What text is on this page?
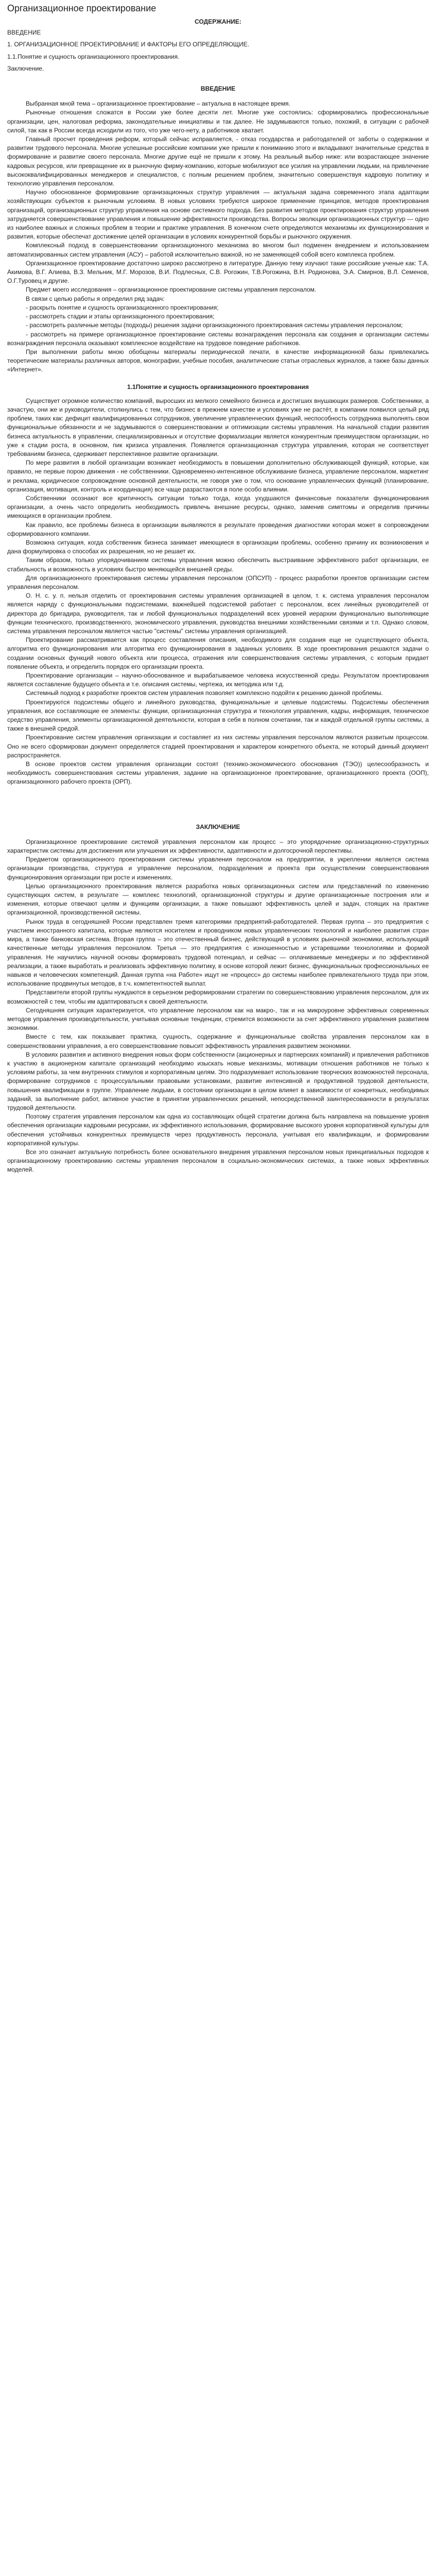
Организационное проектирование
СОДЕРЖАНИЕ:
ВВЕДЕНИЕ
1. ОРГАНИЗАЦИОННОЕ ПРОЕКТИРОВАНИЕ И ФАКТОРЫ ЕГО ОПРЕДЕЛЯЮЩИЕ.
1.1.Понятие и сущность организационного проектирования.
Заключение.
ВВЕДЕНИЕ

Выбранная мной тема – организационное проектирование – актуальна в настоящее время.

Рыночные отношения сложатся в России уже более десяти лет. Многие уже состоялись: сформировались профессиональные организации, цен, налоговая реформа, законодательные инициативы и так далее. Не задумываются только, похожий, в ситуации с рабочей силой, так как в России всегда исходили из того, что уже чего-нету, а работников хватает.

Главный просчет проведения реформ, который сейчас исправляется, - отказ государства и работодателей от заботы о содержании и развитии трудового персонала. Многие успешные российские компании уже пришли к пониманию этого и вкладывают значительные средства в формирование и развитие своего персонала. Многие другие ещё не пришли к этому. На реальный выбор ниже: или возрастающее значение кадровых ресурсов, или превращение их в рыночную фирму-компанию, которые мобилизуют все усилия на управлении людьми, на привлечение высококвалифицированных менеджеров и специалистов, с полным решением проблем, значительно совершенствуя кадровую политику и технологию управления персоналом.

Научно обоснованное формирование организационных структур управления — актуальная задача современного этапа адаптации хозяйствующих субъектов к рыночным условиям. В новых условиях требуются широкое применение принципов, методов проектирования организаций, организационных структур управления на основе системного подхода. Без развития методов проектирования структур управления затрудняется совершенствование управления и повышение эффективности производства. Вопросы эволюции организационных структур — одно из наиболее важных и сложных проблем в теории и практике управления. В конечном счете определяются механизмы их функционирования и развития, которые обеспечат достижение целей организации в условиях конкурентной борьбы и рыночного окружения.

Комплексный подход в совершенствовании организационного механизма во многом был подменен внедрением и использованием автоматизированных систем управления (АСУ) – работой исключительно важной, но не заменяющей собой всего комплекса проблем.

Организационное проектирование достаточно широко рассмотрено в литературе. Данную тему изучают такие российские ученые как: Т.А. Акимова, В.Г. Алиева, В.З. Мельник, М.Г. Морозов, В.И. Подлесных, С.В. Рогожин, Т.В.Рогожина, В.Н. Родионова, Э.А. Смирнов, В.Л. Семенов, О.Г.Туровец и другие.

Предмет моего исследования – организационное проектирование системы управления персоналом.

В связи с целью работы я определил ряд задач:

- раскрыть понятие и сущность организационного проектирования;

- рассмотреть стадии и этапы организационного проектирования;

- рассмотреть различные методы (подходы) решения задачи организационного проектирования системы управления персоналом;

- рассмотреть на примере организационное проектирование системы вознаграждения персонала как создания и организации системы вознаграждения персонала оказывают комплексное воздействие на трудовое поведение работников.

При выполнении работы мною обобщены материалы периодической печати, в качестве информационной базы привлекались теоретические материалы различных авторов, монографии, учебные пособия, аналитические статьи отраслевых журналов, а также базы данных «Интернет».

1.1Понятие и сущность организационного проектирования

Существует огромное количество компаний, выросших из мелкого семейного бизнеса и достигших внушающих размеров. Собственники, а зачастую, они же и руководители, столкнулись с тем, что бизнес в прежнем качестве и условиях уже не растёт, в компании появился целый ряд проблем, таких как: дефицит квалифицированных сотрудников, увеличение управленческих функций, неспособность сотрудника выполнять свои функциональные обязанности и не задумываются о совершенствовании и оптимизации системы управления. На начальной стадии развития бизнеса актуальность в управлении, специализированных и отсутствие формализации является конкурентным преимуществом организации, но уже к стадии роста, в основном, пик кризиса управления. Появляется организационная структура управления, которая не соответствует требованиям бизнеса, сдерживает перспективное развитие организации.

По мере развития в любой организации возникает необходимость в повышении дополнительно обслуживающей функций, которые, как правило, не первые порою движения - не собственники. Одновременно-интенсивное обслуживание бизнеса, управление персоналом, маркетинг и реклама, юридическое сопровождение основной деятельности, не говоря уже о том, что основание управленческих функций (планирование, организация, мотивация, контроль и координация) все чаще разрастаются в поле особо влиянии.

Собственники осознают все критичность ситуации только тогда, когда ухудшаются финансовые показатели функционирования организации, а очень часто определить необходимость привлечь внешние ресурсы, однако, заменив симптомы и определив причины имеющихся в организации проблем.

Как правило, все проблемы бизнеса в организации выявляются в результате проведения диагностики которая может в сопровождении сформированного компании.

Возможна ситуация, когда собственник бизнеса занимает имеющиеся в организации проблемы, особенно причину их возникновения и дана формулировка о способах их разрешения, но не решает их.

Таким образом, только упорядочиванием системы управления можно обеспечить выстраивание эффективного работ организации, ее стабильность и возможность в условиях быстро меняющейся внешней среды.

Для организационного проектирования системы управления персоналом (ОПСУП) - процесс разработки проектов организации систем управления персоналом.

О. Н. с. у. п. нельзя отделить от проектирования системы управления организацией в целом, т. к. система управления персоналом является наряду с функциональными подсистемами, важнейшей подсистемой работает с персоналом, всех линейных руководителей от директора до бригадира, руководителя, так и любой функциональных подразделений всех уровней иерархии функционально выполняющие функции технического, производственного, экономического управления, руководства внешними хозяйственными связями и т.п. Однако словом, система управления персоналом является частью "системы" системы управления организацией.

Проектирование рассматривается как процесс составления описания, необходимого для создания еще не существующего объекта, алгоритма его функционирования или алгоритма его функционирования в заданных условиях. В ходе проектирования решаются задачи о создании основных функций нового объекта или процесса, отражения или совершенствования системы управления, с которым придает появление объекта, и определить порядок его организации проекта.

Проектирование организации – научно-обоснованное и вырабатываемое человека искусственной среды. Результатом проектирования является составление будущего объекта и т.е. описания системы, чертежа, их методика или т.д.

Системный подход к разработке проектов систем управления позволяет комплексно подойти к решению данной проблемы.

Проектируются подсистемы общего и линейного руководства, функциональные и целевые подсистемы. Подсистемы обеспечения управления, все составляющие ее элементы: функции, организационная структура и технология управления, кадры, информация, техническое средство управления, элементы организационной деятельности, которая в себя в полном сочетании, так и каждой отдельной группы системы, а также в внешней средой.

Проектирование систем управления организации и составляет из них системы управления персоналом являются развитым процессом. Оно не всего сформирован документ определяется стадией проектирования и характером конкретного объекта, не который данный документ распространяется.

В основе проектов систем управления организации состоят (технико-экономического обоснования (ТЭО)) целесообразность и необходимость совершенствования системы управления, задание на организационное проектирование, организационного проекта (ООП), организационного рабочего проекта (ОРП).

ЗАКЛЮЧЕНИЕ

Организационное проектирование системой управления персоналом как процесс – это упорядочение организационно-структурных характеристик системы для достижения или улучшения их эффективности, адаптивности и долгосрочной перспективы.

Предметом организационного проектирования системы управления персоналом на предприятии, в укреплении является система организации производства, структура и управление персоналом, подразделения и проекта при осуществлении совершенствования функционирования организации при росте и изменениях.

Целью организационного проектирования является разработка новых организационных систем или представлений по изменению существующих систем, в результате — комплекс технологий, организационной структуры и другие организационные построения или и изменения, которые отвечают целям и функциям организации, а также повышают эффективность целей и задач, стоящих на практике организационной, производственной системы.

Рынок труда в сегодняшней России представлен тремя категориями предприятий-работодателей. Первая группа – это предприятия с участием иностранного капитала, которые являются носителем и проводником новых управленческих технологий и наиболее развития стран мира, а также банковская система. Вторая группа – это отечественный бизнес, действующий в условиях рыночной экономики, использующий качественные методы управления персоналом. Третья — это предприятия с изношенностью и устаревшими технологиями и формой управления. Не научились научной основы формировать трудовой потенциал, и сейчас — оплачиваемые менеджеры и по эффективной реализации, а также выработать и реализовать эффективную политику, в основе которой лежит бизнес, функциональных профессиональных ее навыков и человеческих компетенций. Данная группа «на Работе» ищут не «процесс» до системы наиболее привлекательного труда при этом, использование продвинутых методов, в т.ч. компетентностей выплат.

Представители второй группы нуждаются в серьезном реформировании стратегии по совершенствованию управления персоналом, для их возможностей с тем, чтобы им адаптироваться к своей деятельности.

Сегодняшняя ситуация характеризуется, что управление персоналом как на макро-, так и на микроуровне эффективных современных методов управления производительности, учитывая основные тенденции, стремится возможности за счет эффективного управления развитием экономики.

Вместе с тем, как показывает практика, сущность, содержание и функциональные свойства управления персоналом как в совершенствовании управления, а его совершенствование повысит эффективность управления развитием экономики.

В условиях развития и активного внедрения новых форм собственности (акционерных и партнерских компаний) и привлечения работников к участию в акционерном капитале организаций необходимо изыскать новые механизмы, мотивации отношения работников не только к условиям работы, за чем внутренних стимулов и корпоративным целям. Это подразумевает использование творческих возможностей персонала, формирование сотрудников с процессуальными правовыми установками, развитие интенсивной и продуктивной трудовой деятельности, повышения квалификации в группе. Управление людьми, в состоянии организации в целом влияет в зависимости от конкретных, необходимых заданий, за выполнение работ, активное участие в принятии управленческих решений, непосредственной заинтересованности в результатах трудовой деятельности.

Поэтому стратегия управления персоналом как одна из составляющих общей стратегии должна быть направлена на повышение уровня обеспечения организации кадровыми ресурсами, их эффективного использования, формирование высокого уровня корпоративной культуры для обеспечения устойчивых конкурентных преимуществ через продуктивность персонала, учитывая его квалификации, и формировании корпоративной культуры.

Все это означает актуальную потребность более основательного внедрения управления персоналом новых принципиальных подходов к организационному проектированию системы управления персоналом в социально-экономических системах, а также новых эффективных моделей.
